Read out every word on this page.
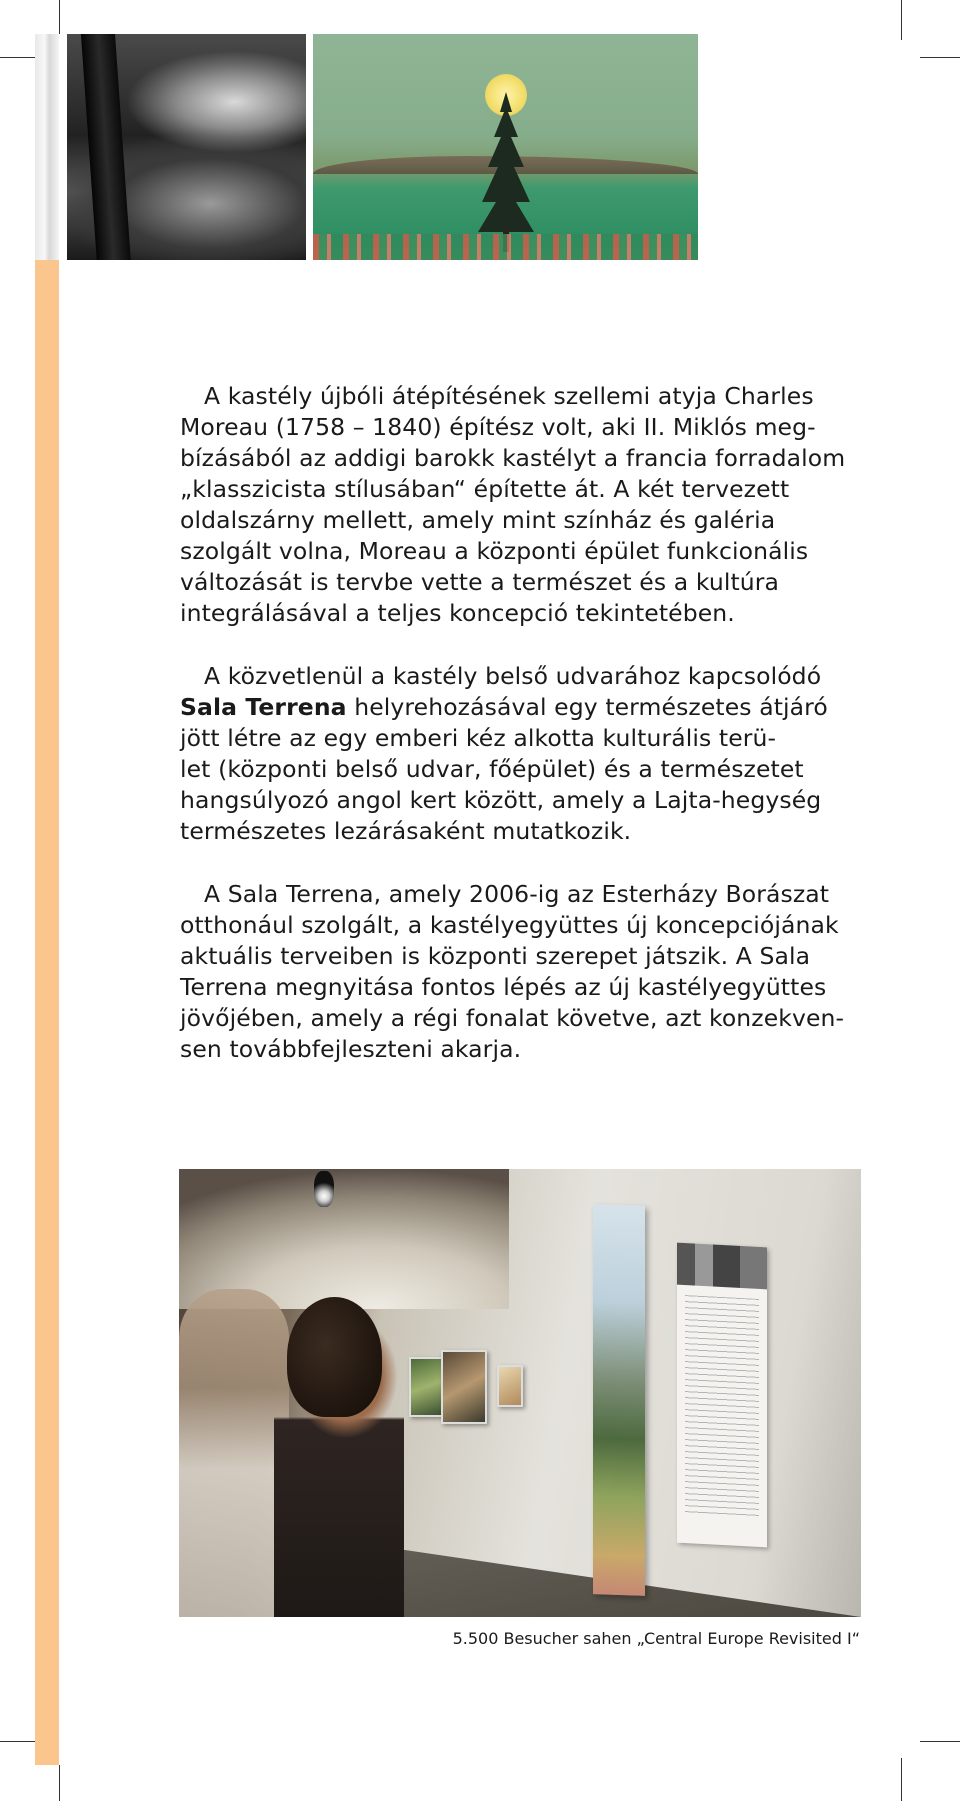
A kastély újbóli átépítésének szellemi atyja Charles
Moreau (1758 – 1840) építész volt, aki II. Miklós meg-
bízásából az addigi barokk kastélyt a francia forradalom
„klasszicista stílusában“ építette át. A két tervezett
oldalszárny mellett, amely mint színház és galéria
szolgált volna, Moreau a központi épület funkcionális
változását is tervbe vette a természet és a kultúra
integrálásával a teljes koncepció tekintetében.
A közvetlenül a kastély belső udvarához kapcsolódó
Sala Terrena helyrehozásával egy természetes átjáró
jött létre az egy emberi kéz alkotta kulturális terü-
let (központi belső udvar, főépület) és a természetet
hangsúlyozó angol kert között, amely a Lajta-hegység
természetes lezárásaként mutatkozik.
A Sala Terrena, amely 2006-ig az Esterházy Borászat
otthonául szolgált, a kastélyegyüttes új koncepciójának
aktuális terveiben is központi szerepet játszik. A Sala
Terrena megnyitása fontos lépés az új kastélyegyüttes
jövőjében, amely a régi fonalat követve, azt konzekven-
sen továbbfejleszteni akarja.
5.500 Besucher sahen „Central Europe Revisited I“
